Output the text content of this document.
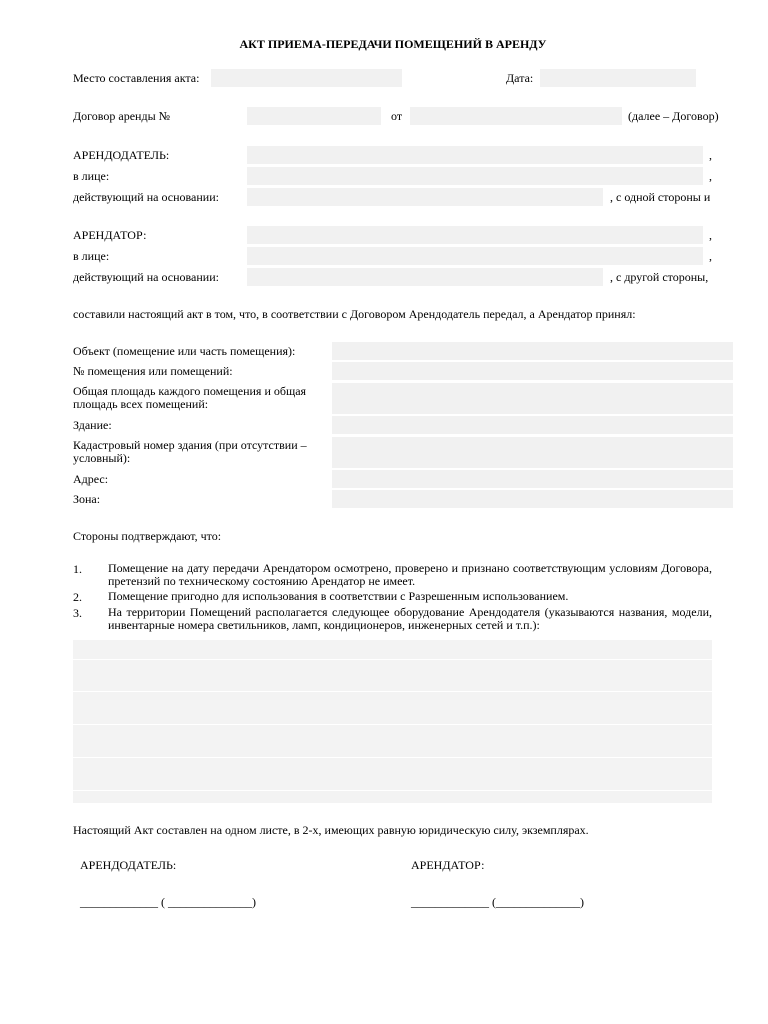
АКТ ПРИЕМА-ПЕРЕДАЧИ ПОМЕЩЕНИЙ В АРЕНДУ
Место составления акта:	Дата:
Договор аренды №	от	(далее – Договор)
АРЕНДОДАТЕЛЬ:	,
в лице:	,
действующий на основании:	, с одной стороны и
АРЕНДАТОР:	,
в лице:	,
действующий на основании:	, с другой стороны,
составили настоящий акт в том, что, в соответствии с Договором Арендодатель передал, а Арендатор принял:
Объект (помещение или часть помещения):
№ помещения или помещений:
Общая площадь каждого помещения и общая площадь всех помещений:
Здание:
Кадастровый номер здания (при отсутствии – условный):
Адрес:
Зона:
Стороны подтверждают, что:
1. Помещение на дату передачи Арендатором осмотрено, проверено и признано соответствующим условиям Договора, претензий по техническому состоянию Арендатор не имеет.
2. Помещение пригодно для использования в соответствии с Разрешенным использованием.
3. На территории Помещений располагается следующее оборудование Арендодателя (указываются названия, модели, инвентарные номера светильников, ламп, кондиционеров, инженерных сетей и т.п.):
Настоящий Акт составлен на одном листе, в 2-х, имеющих равную юридическую силу, экземплярах.
АРЕНДОДАТЕЛЬ:	АРЕНДАТОР:
_____________ ( ______________)	_____________ (______________)
